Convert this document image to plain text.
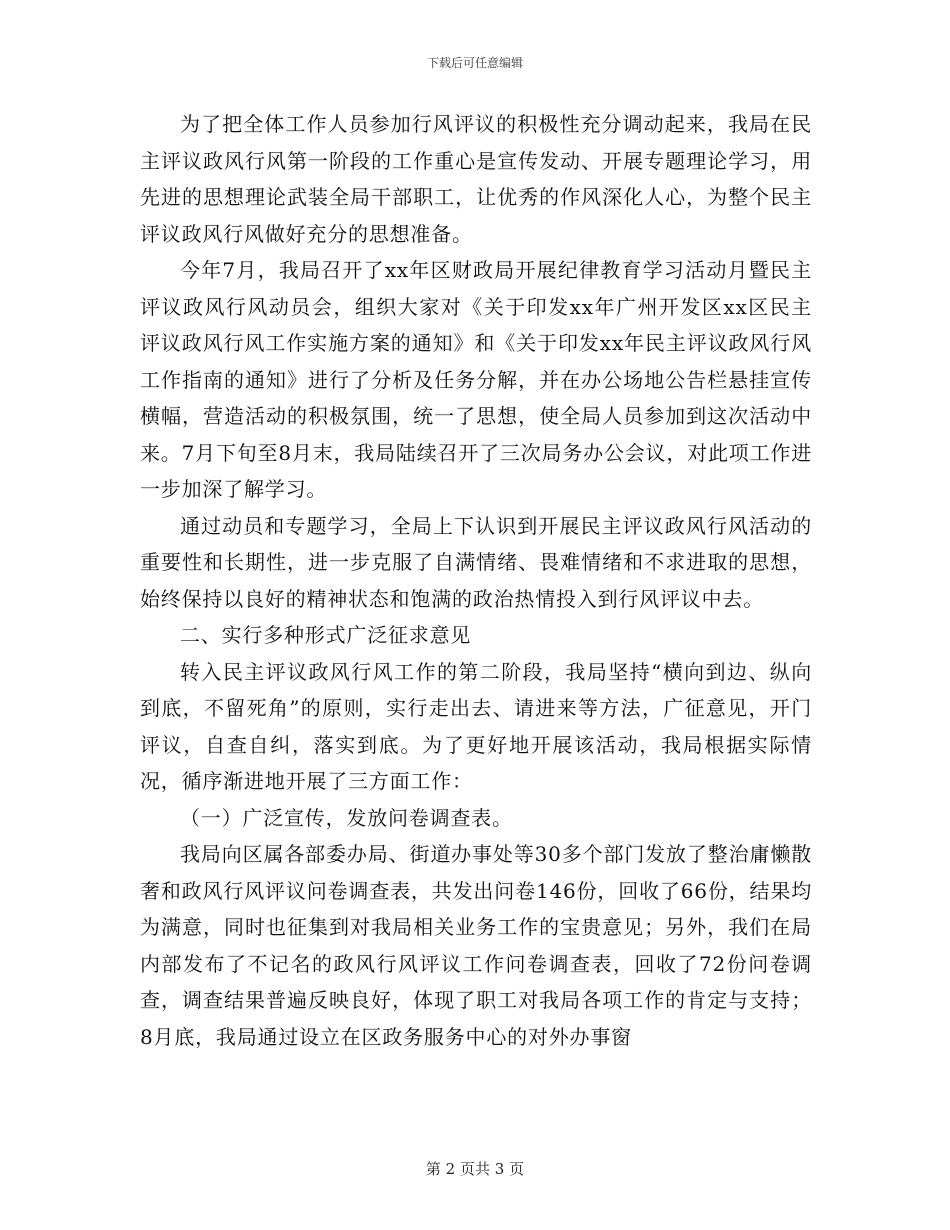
下载后可任意编辑

为了把全体工作人员参加行风评议的积极性充分调动起来，我局在民主评议政风行风第一阶段的工作重心是宣传发动、开展专题理论学习，用先进的思想理论武装全局干部职工，让优秀的作风深化人心，为整个民主评议政风行风做好充分的思想准备。

今年7月，我局召开了xx年区财政局开展纪律教育学习活动月暨民主评议政风行风动员会，组织大家对《关于印发xx年广州开发区xx区民主评议政风行风工作实施方案的通知》和《关于印发xx年民主评议政风行风工作指南的通知》进行了分析及任务分解，并在办公场地公告栏悬挂宣传横幅，营造活动的积极氛围，统一了思想，使全局人员参加到这次活动中来。7月下旬至8月末，我局陆续召开了三次局务办公会议，对此项工作进一步加深了解学习。

通过动员和专题学习，全局上下认识到开展民主评议政风行风活动的重要性和长期性，进一步克服了自满情绪、畏难情绪和不求进取的思想，始终保持以良好的精神状态和饱满的政治热情投入到行风评议中去。

二、实行多种形式广泛征求意见

转入民主评议政风行风工作的第二阶段，我局坚持“横向到边、纵向到底，不留死角”的原则，实行走出去、请进来等方法，广征意见，开门评议，自查自纠，落实到底。为了更好地开展该活动，我局根据实际情况，循序渐进地开展了三方面工作：

（一）广泛宣传，发放问卷调查表。

我局向区属各部委办局、街道办事处等30多个部门发放了整治庸懒散奢和政风行风评议问卷调查表，共发出问卷146份，回收了66份，结果均为满意，同时也征集到对我局相关业务工作的宝贵意见；另外，我们在局内部发布了不记名的政风行风评议工作问卷调查表，回收了72份问卷调查，调查结果普遍反映良好，体现了职工对我局各项工作的肯定与支持；8月底，我局通过设立在区政务服务中心的对外办事窗

第 2 页共 3 页
